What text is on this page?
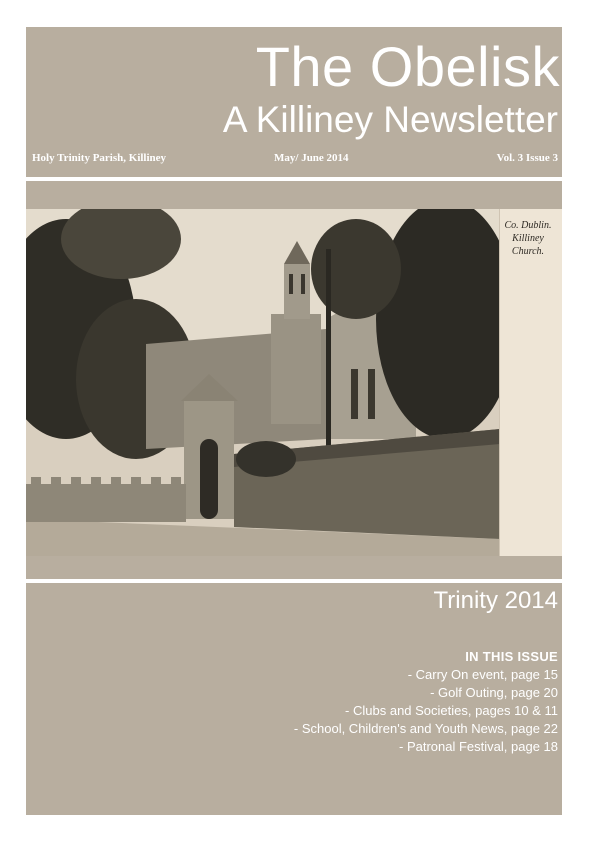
The Obelisk
A Killiney Newsletter
Holy Trinity Parish, Killiney	May/ June 2014	Vol. 3 Issue 3
Co. Dublin. Killiney Church.
Trinity 2014
IN THIS ISSUE
- Carry On event, page 15
- Golf Outing, page 20
- Clubs and Societies, pages 10 & 11
- School, Children's and Youth News, page 22
- Patronal Festival, page 18
